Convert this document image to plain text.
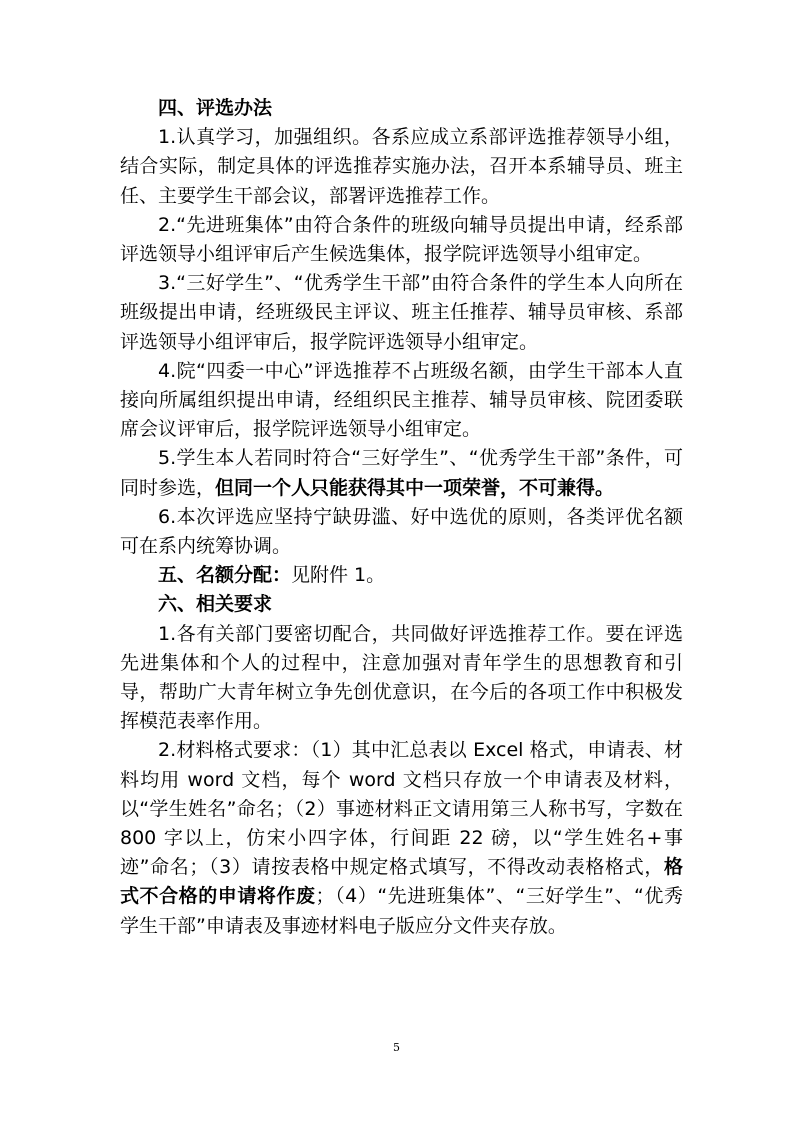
四、评选办法

1.认真学习，加强组织。各系应成立系部评选推荐领导小组，结合实际，制定具体的评选推荐实施办法，召开本系辅导员、班主任、主要学生干部会议，部署评选推荐工作。

2.“先进班集体”由符合条件的班级向辅导员提出申请，经系部评选领导小组评审后产生候选集体，报学院评选领导小组审定。

3.“三好学生”、“优秀学生干部”由符合条件的学生本人向所在班级提出申请，经班级民主评议、班主任推荐、辅导员审核、系部评选领导小组评审后，报学院评选领导小组审定。

4.院“四委一中心”评选推荐不占班级名额，由学生干部本人直接向所属组织提出申请，经组织民主推荐、辅导员审核、院团委联席会议评审后，报学院评选领导小组审定。

5.学生本人若同时符合“三好学生”、“优秀学生干部”条件，可同时参选，但同一个人只能获得其中一项荣誉，不可兼得。

6.本次评选应坚持宁缺毋滥、好中选优的原则，各类评优名额可在系内统筹协调。

五、名额分配：见附件 1。

六、相关要求

1.各有关部门要密切配合，共同做好评选推荐工作。要在评选先进集体和个人的过程中，注意加强对青年学生的思想教育和引导，帮助广大青年树立争先创优意识，在今后的各项工作中积极发挥模范表率作用。

2.材料格式要求：（1）其中汇总表以 Excel 格式，申请表、材料均用 word 文档，每个 word 文档只存放一个申请表及材料，以“学生姓名”命名；（2）事迹材料正文请用第三人称书写，字数在 800 字以上，仿宋小四字体，行间距 22 磅，以“学生姓名+事迹”命名；（3）请按表格中规定格式填写，不得改动表格格式，格式不合格的申请将作废；（4）“先进班集体”、“三好学生”、“优秀学生干部”申请表及事迹材料电子版应分文件夹存放。

5
